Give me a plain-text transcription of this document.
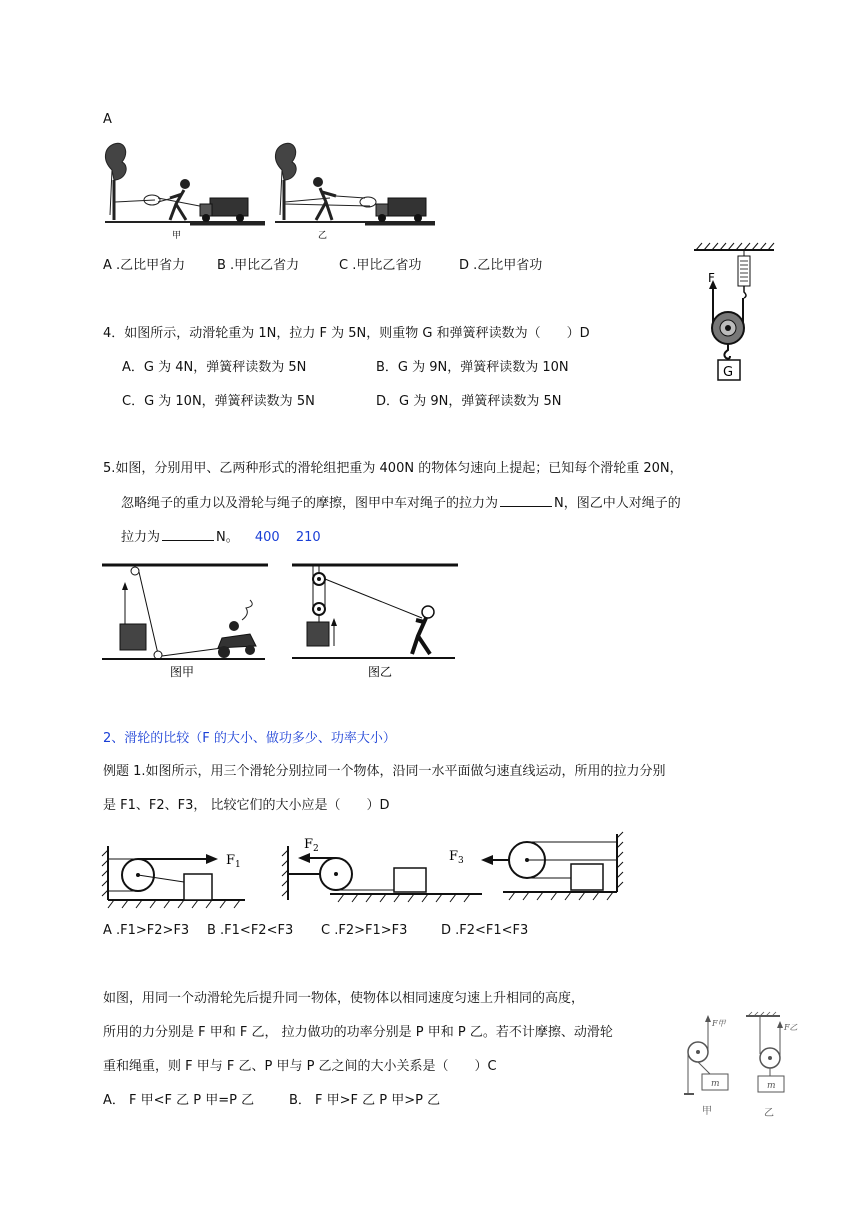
A
甲	乙
A .乙比甲省力 B .甲比乙省力	C .甲比乙省功	D .乙比甲省功
F
G
4．如图所示，动滑轮重为 1N，拉力 F 为 5N，则重物 G 和弹簧秤读数为（　　）D
A．G 为 4N，弹簧秤读数为 5N	B．G 为 9N，弹簧秤读数为 10N
C．G 为 10N，弹簧秤读数为 5N	D．G 为 9N，弹簧秤读数为 5N
5.如图，分别用甲、乙两种形式的滑轮组把重为 400N 的物体匀速向上提起；已知每个滑轮重 20N，
忽略绳子的重力以及滑轮与绳子的摩擦，图甲中车对绳子的拉力为	N，图乙中人对绳子的
拉力为	N。 400 210
图甲	图乙
2、滑轮的比较（F 的大小、做功多少、功率大小）
例题 1.如图所示，用三个滑轮分别拉同一个物体，沿同一水平面做匀速直线运动，所用的拉力分别
是 F1、F2、F3， 比较它们的大小应是（　　）D
$F_1$
$F_2$	$F_3$
A .F1>F2>F3 B .F1<F2<F3 C .F2>F1>F3	D .F2<F1<F3
如图，用同一个动滑轮先后提升同一物体，使物体以相同速度匀速上升相同的高度，
所用的力分别是 F 甲和 F 乙， 拉力做功的功率分别是 P 甲和 P 乙。若不计摩擦、动滑轮
重和绳重，则 F 甲与 F 乙、P 甲与 P 乙之间的大小关系是（　　）C
A． F 甲<F 乙 P 甲=P 乙	B． F 甲>F 乙 P 甲>P 乙
F甲
m
甲
F乙
m
乙
